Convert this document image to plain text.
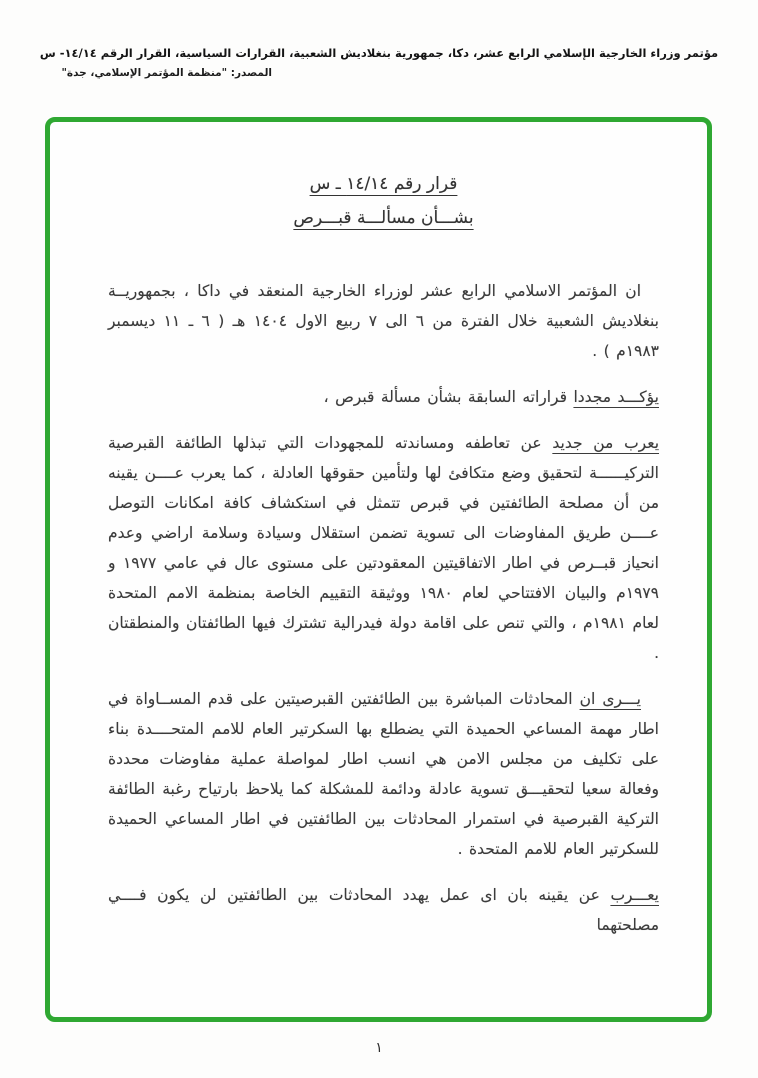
مؤتمر وزراء الخارجية الإسلامي الرابع عشر، دكا، جمهورية بنغلاديش الشعبية، القرارات السياسية، القرار الرقم ١٤/١٤- س
المصدر: "منظمة المؤتمر الإسلامي، جدة"
قرار رقم ١٤/١٤ ـ س
بشـــأن مسألـــة قبـــرص

ان المؤتمر الاسلامي الرابع عشر لوزراء الخارجية المنعقد في داكا ، بجمهوريــة بنغلاديش الشعبية خلال الفترة من ٦ الى ٧ ربيع الاول ١٤٠٤ هـ ( ٦ ـ ١١ ديسمبر ١٩٨٣م ) .

يؤكـــد مجددا قراراته السابقة بشأن مسألة قبرص ،

يعرب من جديد عن تعاطفه ومساندته للمجهودات التي تبذلها الطائفة القبرصية التركيــــــة لتحقيق وضع متكافئ لها ولتأمين حقوقها العادلة ، كما يعرب عــــن يقينه من أن مصلحة الطائفتين في قبرص تتمثل في استكشاف كافة امكانات التوصل عــــن طريق المفاوضات الى تسوية تضمن استقلال وسيادة وسلامة اراضي وعدم انحياز قبــرص في اطار الاتفاقيتين المعقودتين على مستوى عال في عامي ١٩٧٧ و ١٩٧٩م والبيان الافتتاحي لعام ١٩٨٠ ووثيقة التقييم الخاصة بمنظمة الامم المتحدة لعام ١٩٨١م ، والتي تنص على اقامة دولة فيدرالية تشترك فيها الطائفتان والمنطقتان .

يـــرى ان المحادثات المباشرة بين الطائفتين القبرصيتين على قدم المســاواة في اطار مهمة المساعي الحميدة التي يضطلع بها السكرتير العام للامم المتحــــدة بناء على تكليف من مجلس الامن هي انسب اطار لمواصلة عملية مفاوضات محددة وفعالة سعيا لتحقيـــق تسوية عادلة ودائمة للمشكلة كما يلاحظ بارتياح رغبة الطائفة التركية القبرصية في استمرار المحادثات بين الطائفتين في اطار المساعي الحميدة للسكرتير العام للامم المتحدة .

يعـــرب عن يقينه بان اى عمل يهدد المحادثات بين الطائفتين لن يكون فــــي مصلحتهما

١
